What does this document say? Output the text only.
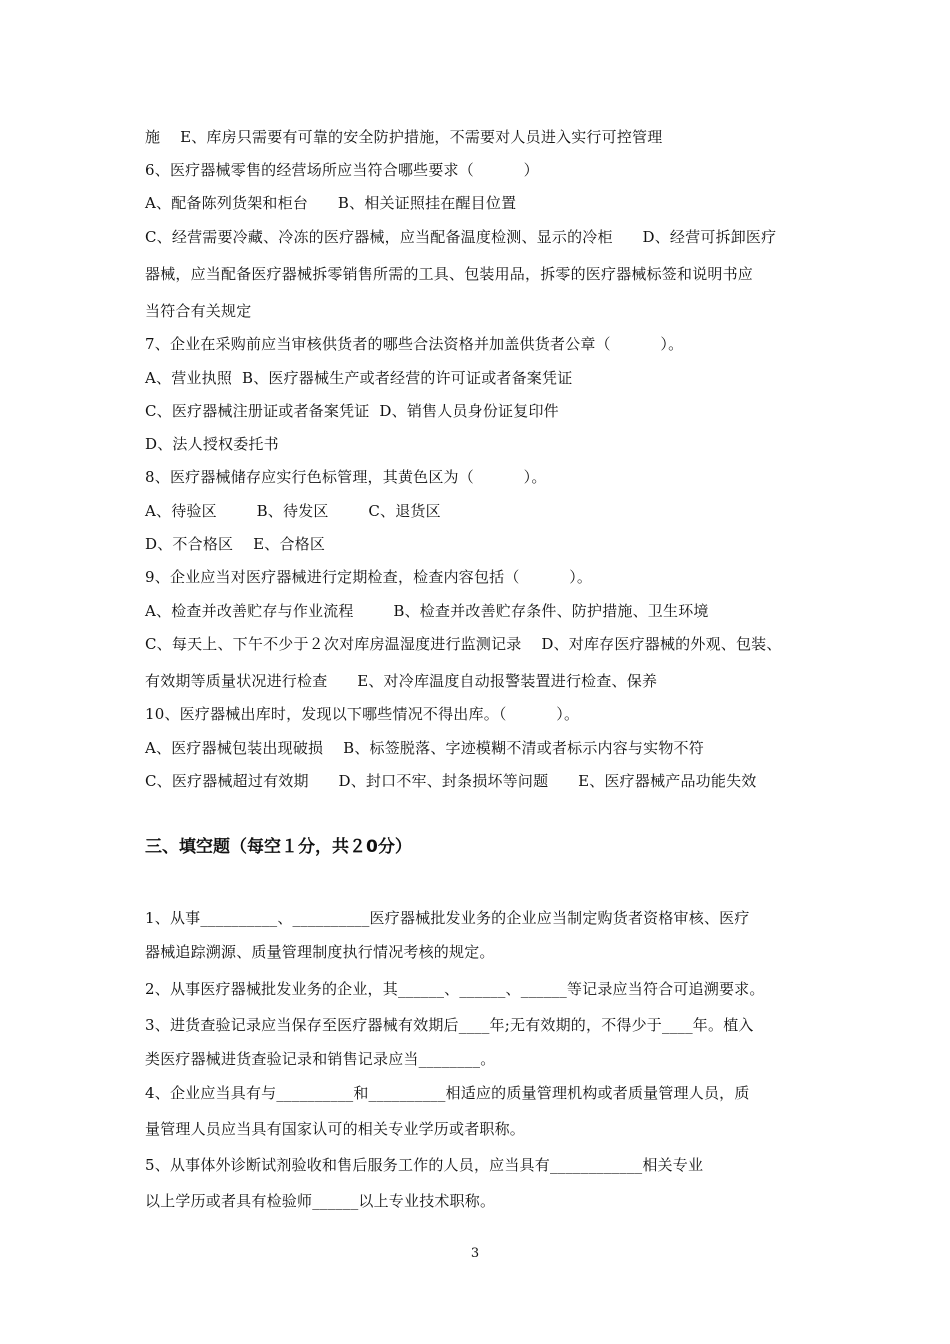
施    E、库房只需要有可靠的安全防护措施，不需要对人员进入实行可控管理

6、医疗器械零售的经营场所应当符合哪些要求（          ）

A、配备陈列货架和柜台      B、相关证照挂在醒目位置

C、经营需要冷藏、冷冻的医疗器械，应当配备温度检测、显示的冷柜      D、经营可拆卸医疗

器械，应当配备医疗器械拆零销售所需的工具、包装用品，拆零的医疗器械标签和说明书应

当符合有关规定

7、企业在采购前应当审核供货者的哪些合法资格并加盖供货者公章（          ）。

A、营业执照  B、医疗器械生产或者经营的许可证或者备案凭证

C、医疗器械注册证或者备案凭证  D、销售人员身份证复印件

D、法人授权委托书

8、医疗器械储存应实行色标管理，其黄色区为（          ）。

A、待验区        B、待发区        C、退货区

D、不合格区    E、合格区

9、企业应当对医疗器械进行定期检查，检查内容包括（          ）。

A、检查并改善贮存与作业流程        B、检查并改善贮存条件、防护措施、卫生环境

C、每天上、下午不少于２次对库房温湿度进行监测记录    D、对库存医疗器械的外观、包装、

有效期等质量状况进行检查      E、对冷库温度自动报警装置进行检查、保养

10、医疗器械出库时，发现以下哪些情况不得出库。（          ）。

A、医疗器械包装出现破损    B、标签脱落、字迹模糊不清或者标示内容与实物不符

C、医疗器械超过有效期      D、封口不牢、封条损坏等问题      E、医疗器械产品功能失效

三、填空题（每空１分，共２0分）

1、从事__________、__________医疗器械批发业务的企业应当制定购货者资格审核、医疗

器械追踪溯源、质量管理制度执行情况考核的规定。

2、从事医疗器械批发业务的企业，其______、______、______等记录应当符合可追溯要求。

3、进货查验记录应当保存至医疗器械有效期后____年;无有效期的，不得少于____年。植入

类医疗器械进货查验记录和销售记录应当________。

4、企业应当具有与__________和__________相适应的质量管理机构或者质量管理人员，质

量管理人员应当具有国家认可的相关专业学历或者职称。

5、从事体外诊断试剂验收和售后服务工作的人员，应当具有____________相关专业

以上学历或者具有检验师______以上专业技术职称。

3
